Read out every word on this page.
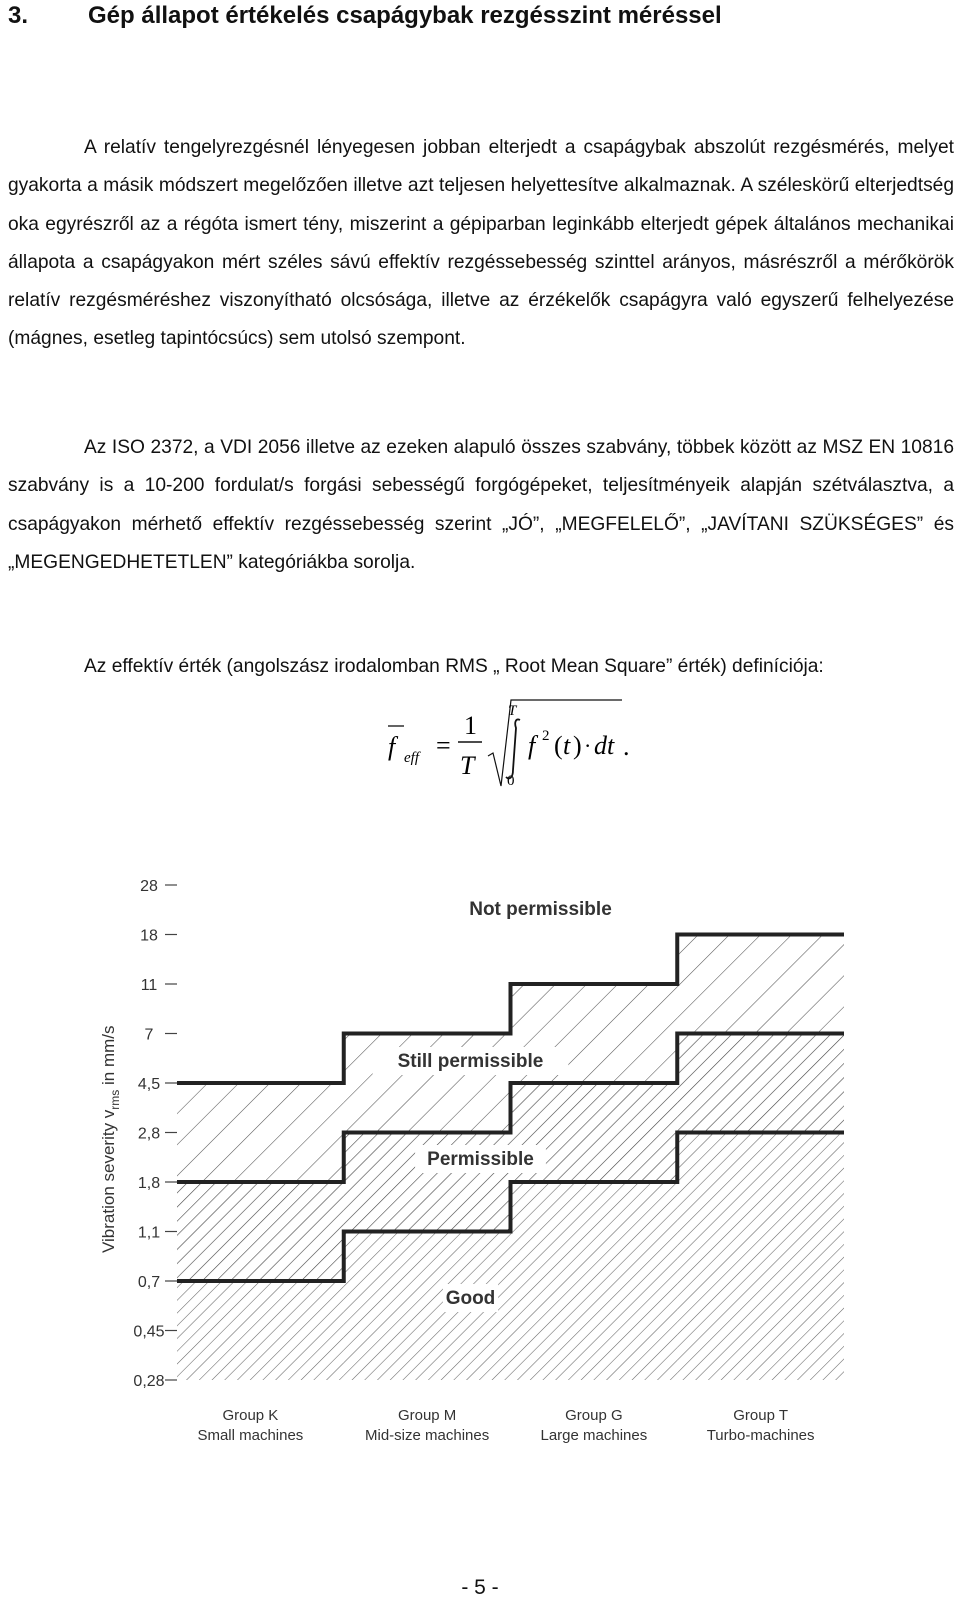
3. Gép állapot értékelés csapágybak rezgésszint méréssel

A relatív tengelyrezgésnél lényegesen jobban elterjedt a csapágybak abszolút rezgésmérés, melyet gyakorta a másik módszert megelőzően illetve azt teljesen helyettesítve alkalmaznak. A széleskörű elterjedtség oka egyrészről az a régóta ismert tény, miszerint a gépiparban leginkább elterjedt gépek általános mechanikai állapota a csapágyakon mért széles sávú effektív rezgéssebesség szinttel arányos, másrészről a mérőkörök relatív rezgésméréshez viszonyítható olcsósága, illetve az érzékelők csapágyra való egyszerű felhelyezése (mágnes, esetleg tapintócsúcs) sem utolsó szempont.

Az ISO 2372, a VDI 2056 illetve az ezeken alapuló összes szabvány, többek között az MSZ EN 10816 szabvány is a 10-200 fordulat/s forgási sebességű forgógépeket, teljesítményeik alapján szétválasztva, a csapágyakon mérhető effektív rezgéssebesség szerint „JÓ”, „MEGFELELŐ”, „JAVÍTANI SZÜKSÉGES” és „MEGENGEDHETETLEN” kategóriákba sorolja.

Az effektív érték (angolszász irodalomban RMS „ Root Mean Square” érték) definíciója:

f eff =
1
T
T
0
f 2 ( t ) · dt .
28
18
11
7
4,5
2,8
1,8
1,1
0,7
0,45
0,28
Vibration severity $v_{rms}$ in mm/s
Not permissible
Still permissible
Permissible
Good
Group K
Small machines
Group M
Mid-size machines
Group G
Large machines
Group T
Turbo-machines
- 5 -
